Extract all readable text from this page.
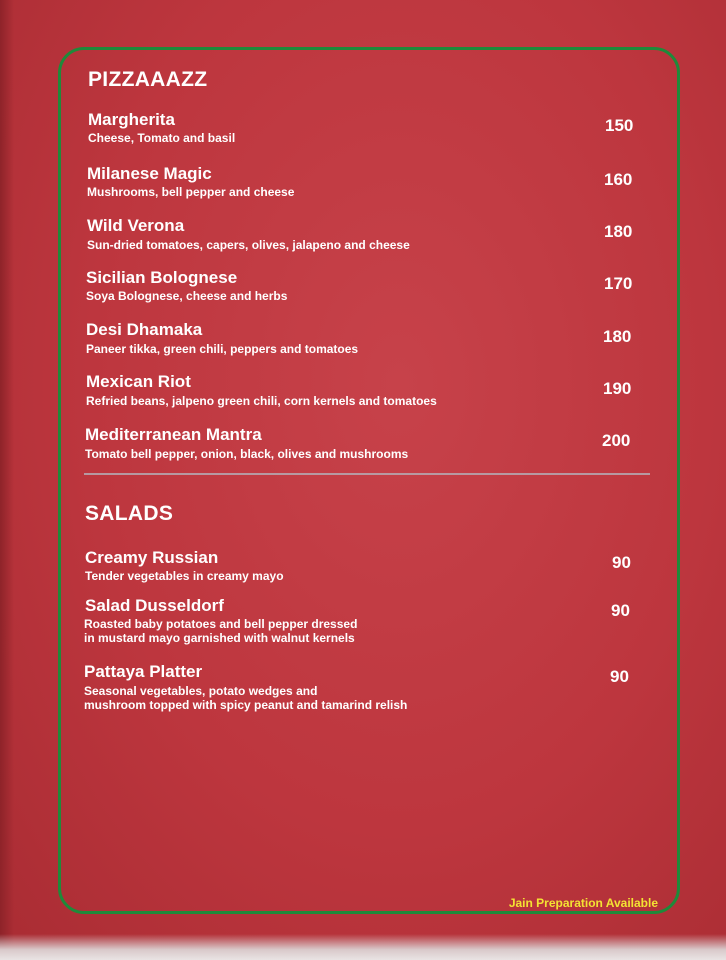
PIZZAAAZZ
Margherita
Cheese, Tomato and basil
150
Milanese Magic
Mushrooms, bell pepper and cheese
160
Wild Verona
Sun-dried tomatoes, capers, olives, jalapeno and cheese
180
Sicilian Bolognese
Soya Bolognese, cheese and herbs
170
Desi Dhamaka
Paneer tikka, green chili, peppers and tomatoes
180
Mexican Riot
Refried beans, jalpeno green chili, corn kernels and tomatoes
190
Mediterranean Mantra
Tomato bell pepper, onion, black, olives and mushrooms
200
SALADS
Creamy Russian
Tender vegetables in creamy mayo
90
Salad Dusseldorf
Roasted baby potatoes and bell pepper dressed
in mustard mayo garnished with walnut kernels
90
Pattaya Platter
Seasonal vegetables, potato wedges and
mushroom topped with spicy peanut and tamarind relish
90
Jain Preparation Available
